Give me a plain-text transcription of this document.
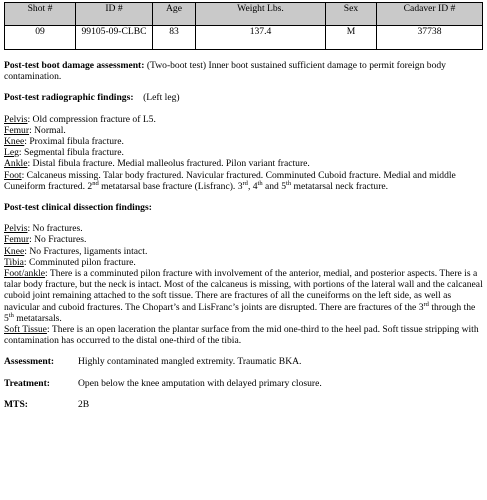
Shot #	ID #	Age	Weight Lbs.	Sex	Cadaver ID #
09	99105-09-CLBC	83	137.4	M	37738

Post-test boot damage assessment: (Two-boot test) Inner boot sustained sufficient damage to permit foreign body contamination.

Post-test radiographic findings: (Left leg)

Pelvis: Old compression fracture of L5.
Femur: Normal.
Knee: Proximal fibula fracture.
Leg: Segmental fibula fracture.
Ankle: Distal fibula fracture. Medial malleolus fractured. Pilon variant fracture.
Foot: Calcaneus missing. Talar body fractured. Navicular fractured. Comminuted Cuboid fracture. Medial and middle Cuneiform fractured. 2nd metatarsal base fracture (Lisfranc). 3rd, 4th and 5th metatarsal neck fracture.

Post-test clinical dissection findings:

Pelvis: No fractures.
Femur: No Fractures.
Knee: No Fractures, ligaments intact.
Tibia: Comminuted pilon fracture.
Foot/ankle: There is a comminuted pilon fracture with involvement of the anterior, medial, and posterior aspects. There is a talar body fracture, but the neck is intact. Most of the calcaneus is missing, with portions of the lateral wall and the calcaneal cuboid joint remaining attached to the soft tissue. There are fractures of all the cuneiforms on the left side, as well as navicular and cuboid fractures. The Chopart’s and LisFranc’s joints are disrupted. There are fractures of the 3rd through the 5th metatarsals.
Soft Tissue: There is an open laceration the plantar surface from the mid one-third to the heel pad. Soft tissue stripping with contamination has occurred to the distal one-third of the tibia.
Assessment:	Highly contaminated mangled extremity. Traumatic BKA.
Treatment:	Open below the knee amputation with delayed primary closure.
MTS:	2B
